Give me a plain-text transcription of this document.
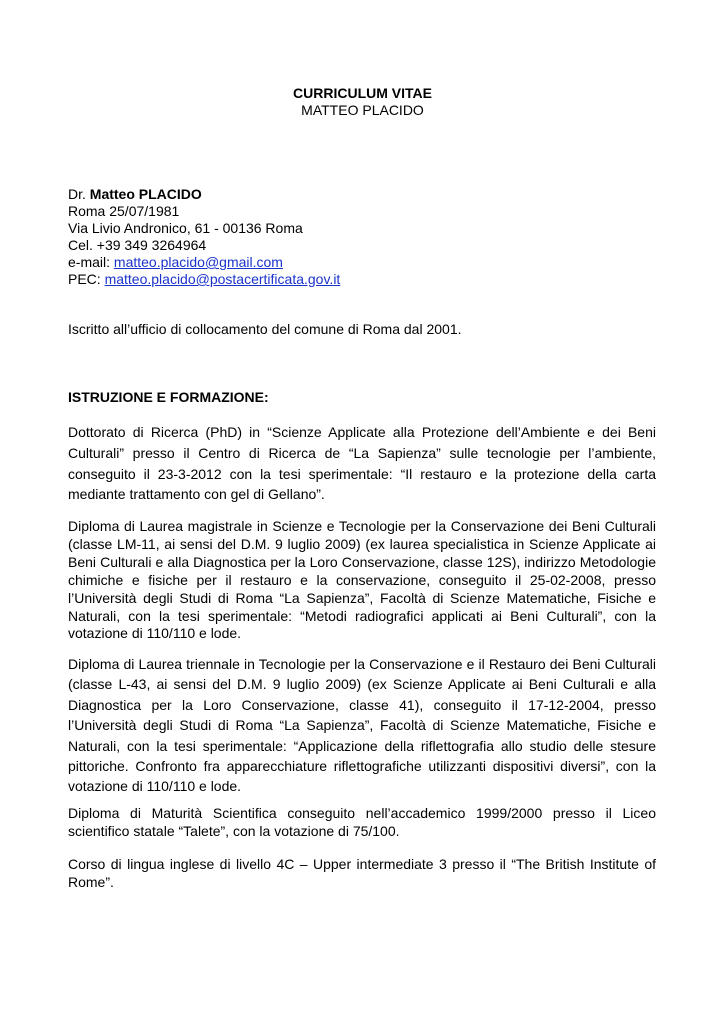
CURRICULUM VITAE
MATTEO PLACIDO
Dr. Matteo PLACIDO
Roma 25/07/1981
Via Livio Andronico, 61 - 00136 Roma
Cel. +39 349 3264964
e-mail: matteo.placido@gmail.com
PEC: matteo.placido@postacertificata.gov.it
Iscritto all’ufficio di collocamento del comune di Roma dal 2001.
ISTRUZIONE E FORMAZIONE:

Dottorato di Ricerca (PhD) in “Scienze Applicate alla Protezione dell’Ambiente e dei Beni Culturali” presso il Centro di Ricerca de “La Sapienza” sulle tecnologie per l’ambiente, conseguito il 23-3-2012 con la tesi sperimentale: “Il restauro e la protezione della carta mediante trattamento con gel di Gellano”.

Diploma di Laurea magistrale in Scienze e Tecnologie per la Conservazione dei Beni Culturali (classe LM-11, ai sensi del D.M. 9 luglio 2009) (ex laurea specialistica in Scienze Applicate ai Beni Culturali e alla Diagnostica per la Loro Conservazione, classe 12S), indirizzo Metodologie chimiche e fisiche per il restauro e la conservazione, conseguito il 25-02-2008, presso l’Università degli Studi di Roma “La Sapienza”, Facoltà di Scienze Matematiche, Fisiche e Naturali, con la tesi sperimentale: “Metodi radiografici applicati ai Beni Culturali”, con la votazione di 110/110 e lode.

Diploma di Laurea triennale in Tecnologie per la Conservazione e il Restauro dei Beni Culturali (classe L-43, ai sensi del D.M. 9 luglio 2009) (ex Scienze Applicate ai Beni Culturali e alla Diagnostica per la Loro Conservazione, classe 41), conseguito il 17-12-2004, presso l’Università degli Studi di Roma “La Sapienza”, Facoltà di Scienze Matematiche, Fisiche e Naturali, con la tesi sperimentale: “Applicazione della riflettografia allo studio delle stesure pittoriche. Confronto fra apparecchiature riflettografiche utilizzanti dispositivi diversi”, con la votazione di 110/110 e lode.

Diploma di Maturità Scientifica conseguito nell’accademico 1999/2000 presso il Liceo scientifico statale “Talete”, con la votazione di 75/100.

Corso di lingua inglese di livello 4C – Upper intermediate 3 presso il “The British Institute of Rome”.
